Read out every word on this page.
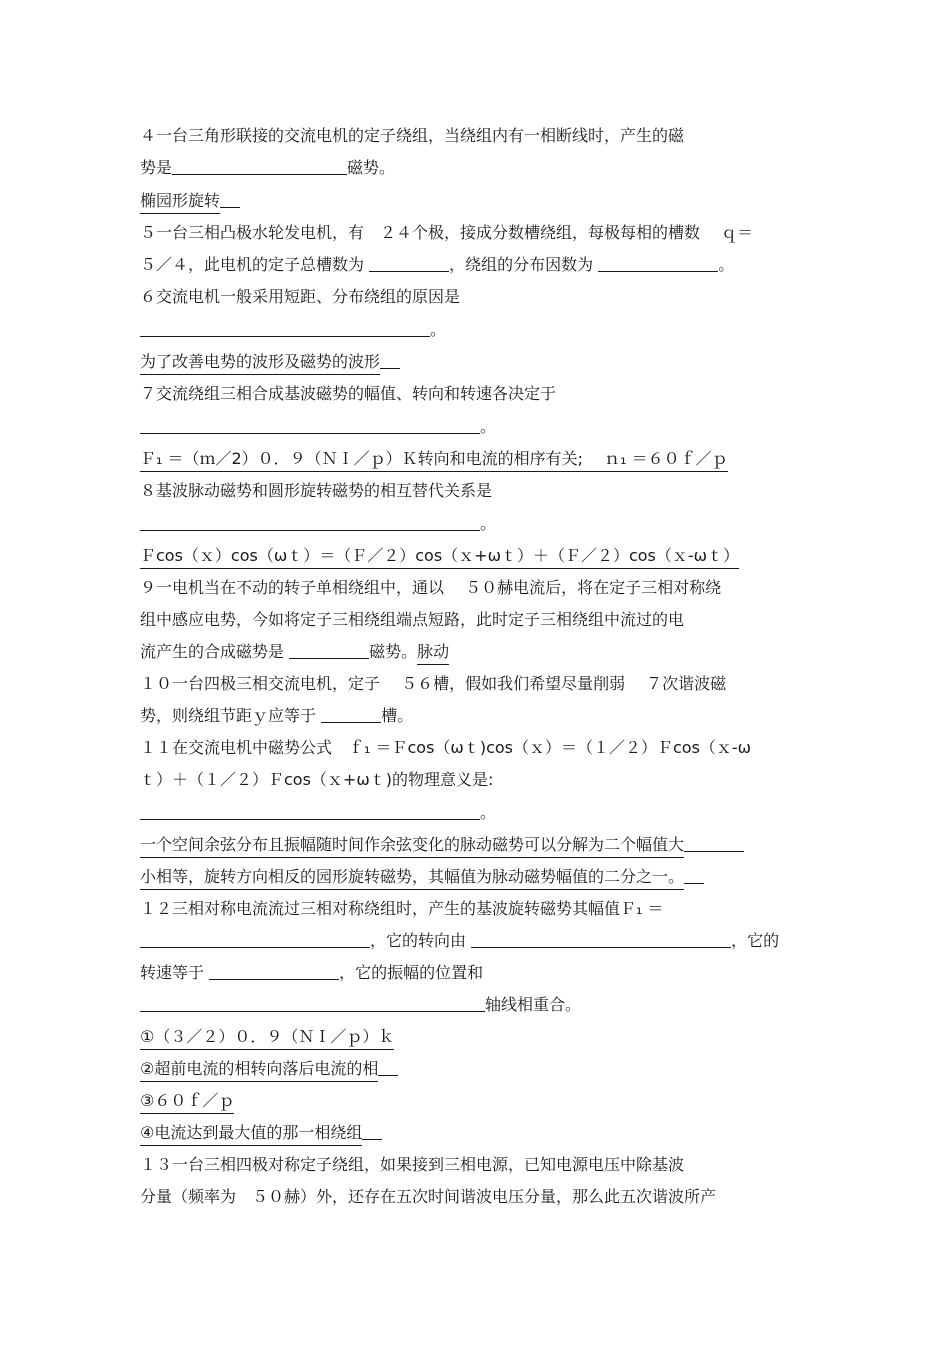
４一台三角形联接的交流电机的定子绕组，当绕组内有一相断线时，产生的磁
势是	磁势。
椭园形旋转
５一台三相凸极水轮发电机，有　２４个极，接成分数槽绕组，每极每相的槽数　 ｑ＝
５／４，此电机的定子总槽数为	，绕组的分布因数为	。
６交流电机一般采用短距、分布绕组的原因是
。
为了改善电势的波形及磁势的波形
７交流绕组三相合成基波磁势的幅值、转向和转速各决定于
。
Ｆ₁ ＝（ｍ／2）０．９（ＮＩ／ｐ）Ｋ转向和电流的相序有关;　 ｎ₁ ＝６０ｆ／ｐ
８基波脉动磁势和圆形旋转磁势的相互替代关系是
。
Ｆcos（ｘ）cos（ωｔ）＝（Ｆ／２）cos（ｘ+ωｔ）＋（Ｆ／２）cos（ｘ-ωｔ）
９一电机当在不动的转子单相绕组中，通以　 ５０赫电流后，将在定子三相对称绕
组中感应电势，今如将定子三相绕组端点短路，此时定子三相绕组中流过的电
流产生的合成磁势是	磁势。脉动
１０一台四极三相交流电机，定子　 ５６槽，假如我们希望尽量削弱　 ７次谐波磁
势，则绕组节距ｙ应等于	槽。
１１在交流电机中磁势公式　ｆ₁ ＝Ｆcos（ωｔ)cos（ｘ）＝（１／２）Ｆcos（ｘ-ω
ｔ）＋（１／２）Ｆcos（ｘ+ωｔ)的物理意义是:
。
一个空间余弦分布且振幅随时间作余弦变化的脉动磁势可以分解为二个幅值大
小相等，旋转方向相反的园形旋转磁势，其幅值为脉动磁势幅值的二分之一。
１２三相对称电流流过三相对称绕组时，产生的基波旋转磁势其幅值Ｆ₁ ＝
，它的转向由	，它的
转速等于	，它的振幅的位置和
轴线相重合。
①（３／２）０．９（ＮＩ／ｐ）ｋ
②超前电流的相转向落后电流的相
③６０ｆ／ｐ
④电流达到最大值的那一相绕组
１３一台三相四极对称定子绕组，如果接到三相电源，已知电源电压中除基波
分量（频率为　５０赫）外，还存在五次时间谐波电压分量，那么此五次谐波所产
